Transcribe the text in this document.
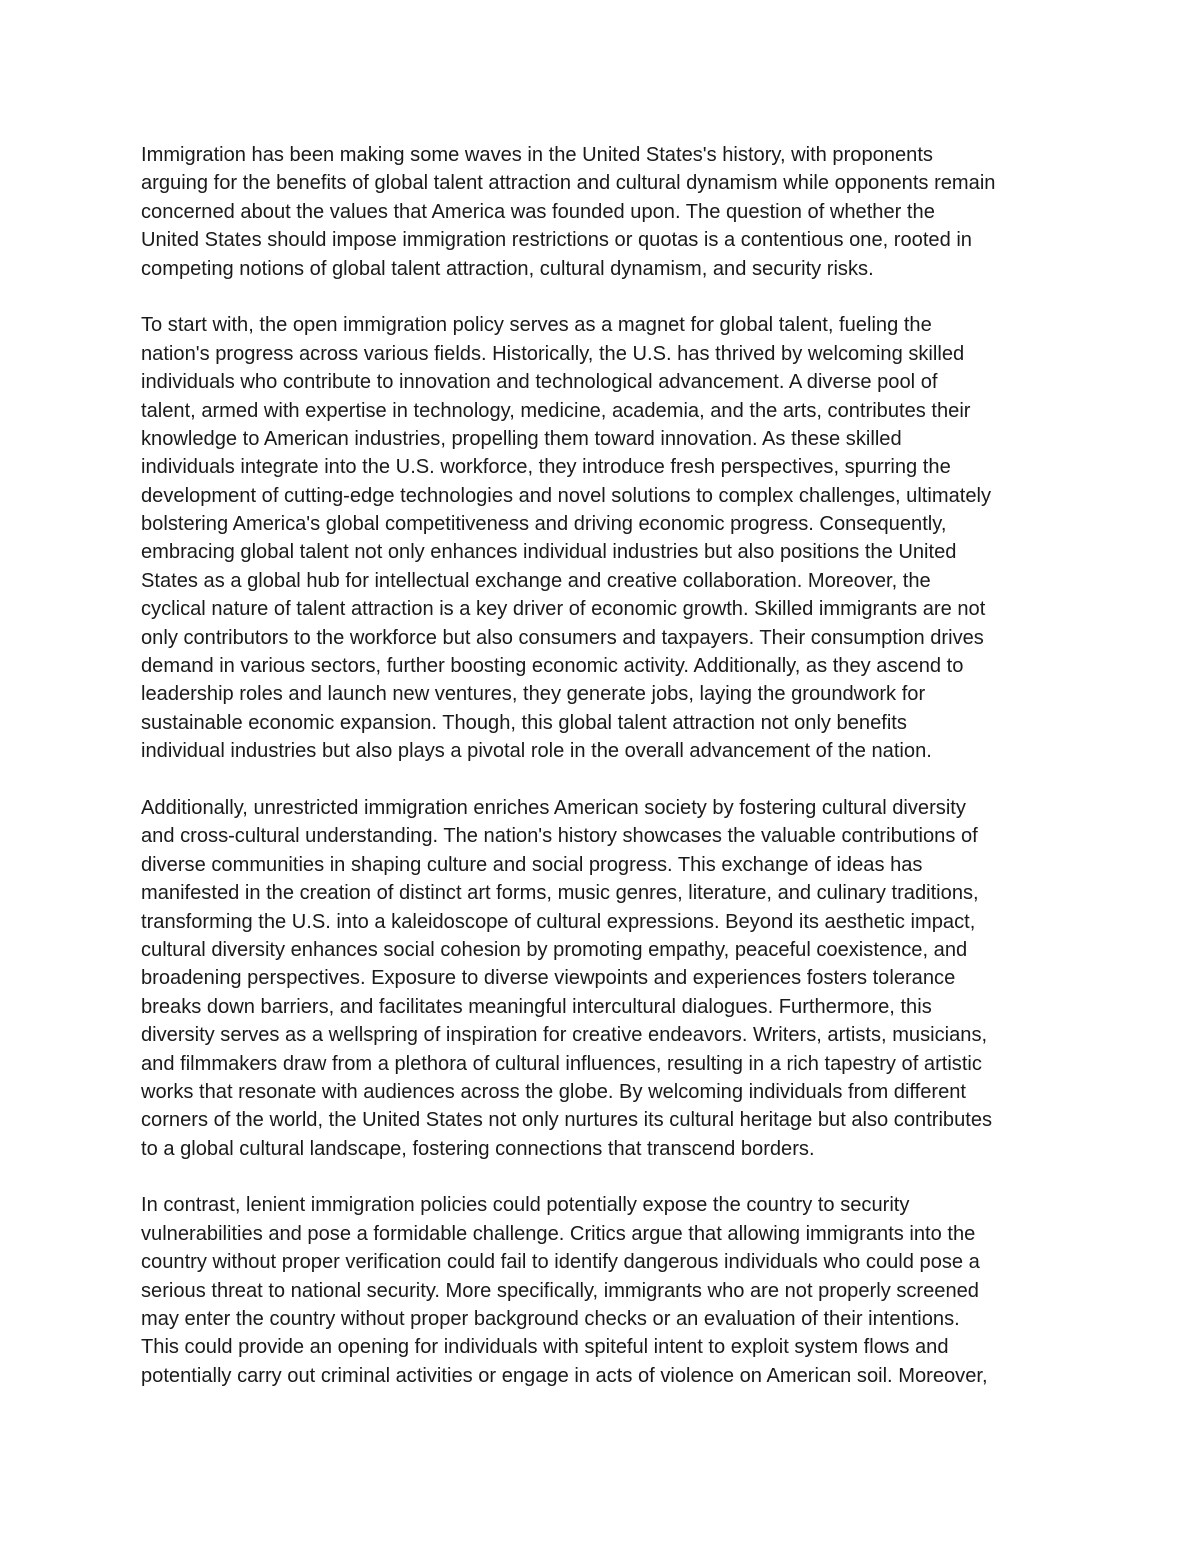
Immigration has been making some waves in the United States's history, with proponents
arguing for the benefits of global talent attraction and cultural dynamism while opponents remain
concerned about the values that America was founded upon. The question of whether the
United States should impose immigration restrictions or quotas is a contentious one, rooted in
competing notions of global talent attraction, cultural dynamism, and security risks.
To start with, the open immigration policy serves as a magnet for global talent, fueling the
nation's progress across various fields. Historically, the U.S. has thrived by welcoming skilled
individuals who contribute to innovation and technological advancement. A diverse pool of
talent, armed with expertise in technology, medicine, academia, and the arts, contributes their
knowledge to American industries, propelling them toward innovation. As these skilled
individuals integrate into the U.S. workforce, they introduce fresh perspectives, spurring the
development of cutting-edge technologies and novel solutions to complex challenges, ultimately
bolstering America's global competitiveness and driving economic progress. Consequently,
embracing global talent not only enhances individual industries but also positions the United
States as a global hub for intellectual exchange and creative collaboration. Moreover, the
cyclical nature of talent attraction is a key driver of economic growth. Skilled immigrants are not
only contributors to the workforce but also consumers and taxpayers. Their consumption drives
demand in various sectors, further boosting economic activity. Additionally, as they ascend to
leadership roles and launch new ventures, they generate jobs, laying the groundwork for
sustainable economic expansion. Though, this global talent attraction not only benefits
individual industries but also plays a pivotal role in the overall advancement of the nation.
Additionally, unrestricted immigration enriches American society by fostering cultural diversity
and cross-cultural understanding. The nation's history showcases the valuable contributions of
diverse communities in shaping culture and social progress. This exchange of ideas has
manifested in the creation of distinct art forms, music genres, literature, and culinary traditions,
transforming the U.S. into a kaleidoscope of cultural expressions. Beyond its aesthetic impact,
cultural diversity enhances social cohesion by promoting empathy, peaceful coexistence, and
broadening perspectives. Exposure to diverse viewpoints and experiences fosters tolerance
breaks down barriers, and facilitates meaningful intercultural dialogues. Furthermore, this
diversity serves as a wellspring of inspiration for creative endeavors. Writers, artists, musicians,
and filmmakers draw from a plethora of cultural influences, resulting in a rich tapestry of artistic
works that resonate with audiences across the globe. By welcoming individuals from different
corners of the world, the United States not only nurtures its cultural heritage but also contributes
to a global cultural landscape, fostering connections that transcend borders.
In contrast, lenient immigration policies could potentially expose the country to security
vulnerabilities and pose a formidable challenge. Critics argue that allowing immigrants into the
country without proper verification could fail to identify dangerous individuals who could pose a
serious threat to national security. More specifically, immigrants who are not properly screened
may enter the country without proper background checks or an evaluation of their intentions.
This could provide an opening for individuals with spiteful intent to exploit system flows and
potentially carry out criminal activities or engage in acts of violence on American soil. Moreover,
